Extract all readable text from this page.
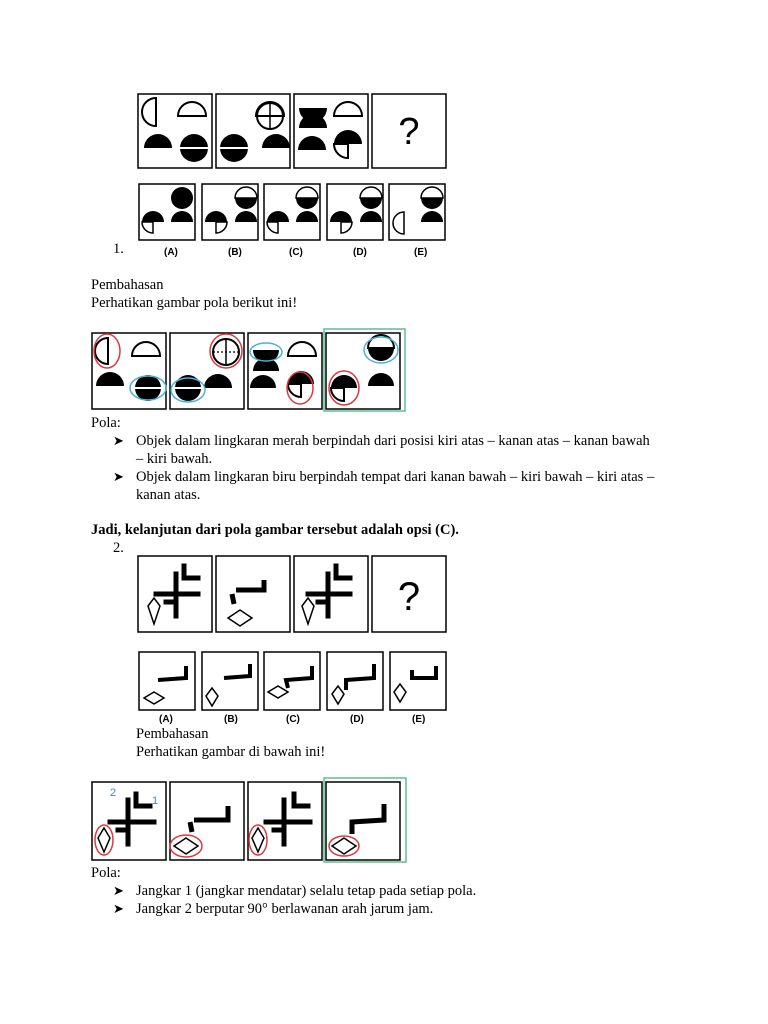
?
1.	(A)	(B)	(C)	(D)	(E)
Pembahasan
Perhatikan gambar pola berikut ini!
Pola:
➤ Objek dalam lingkaran merah berpindah dari posisi kiri atas – kanan atas – kanan bawah
– kiri bawah.
➤ Objek dalam lingkaran biru berpindah tempat dari kanan bawah – kiri bawah – kiri atas –
kanan atas.
Jadi, kelanjutan dari pola gambar tersebut adalah opsi (C).
2.
?
(A)	(B)	(C)	(D)	(E)
Pembahasan
Perhatikan gambar di bawah ini!
2
1
Pola:
➤ Jangkar 1 (jangkar mendatar) selalu tetap pada setiap pola.
➤ Jangkar 2 berputar 90° berlawanan arah jarum jam.
